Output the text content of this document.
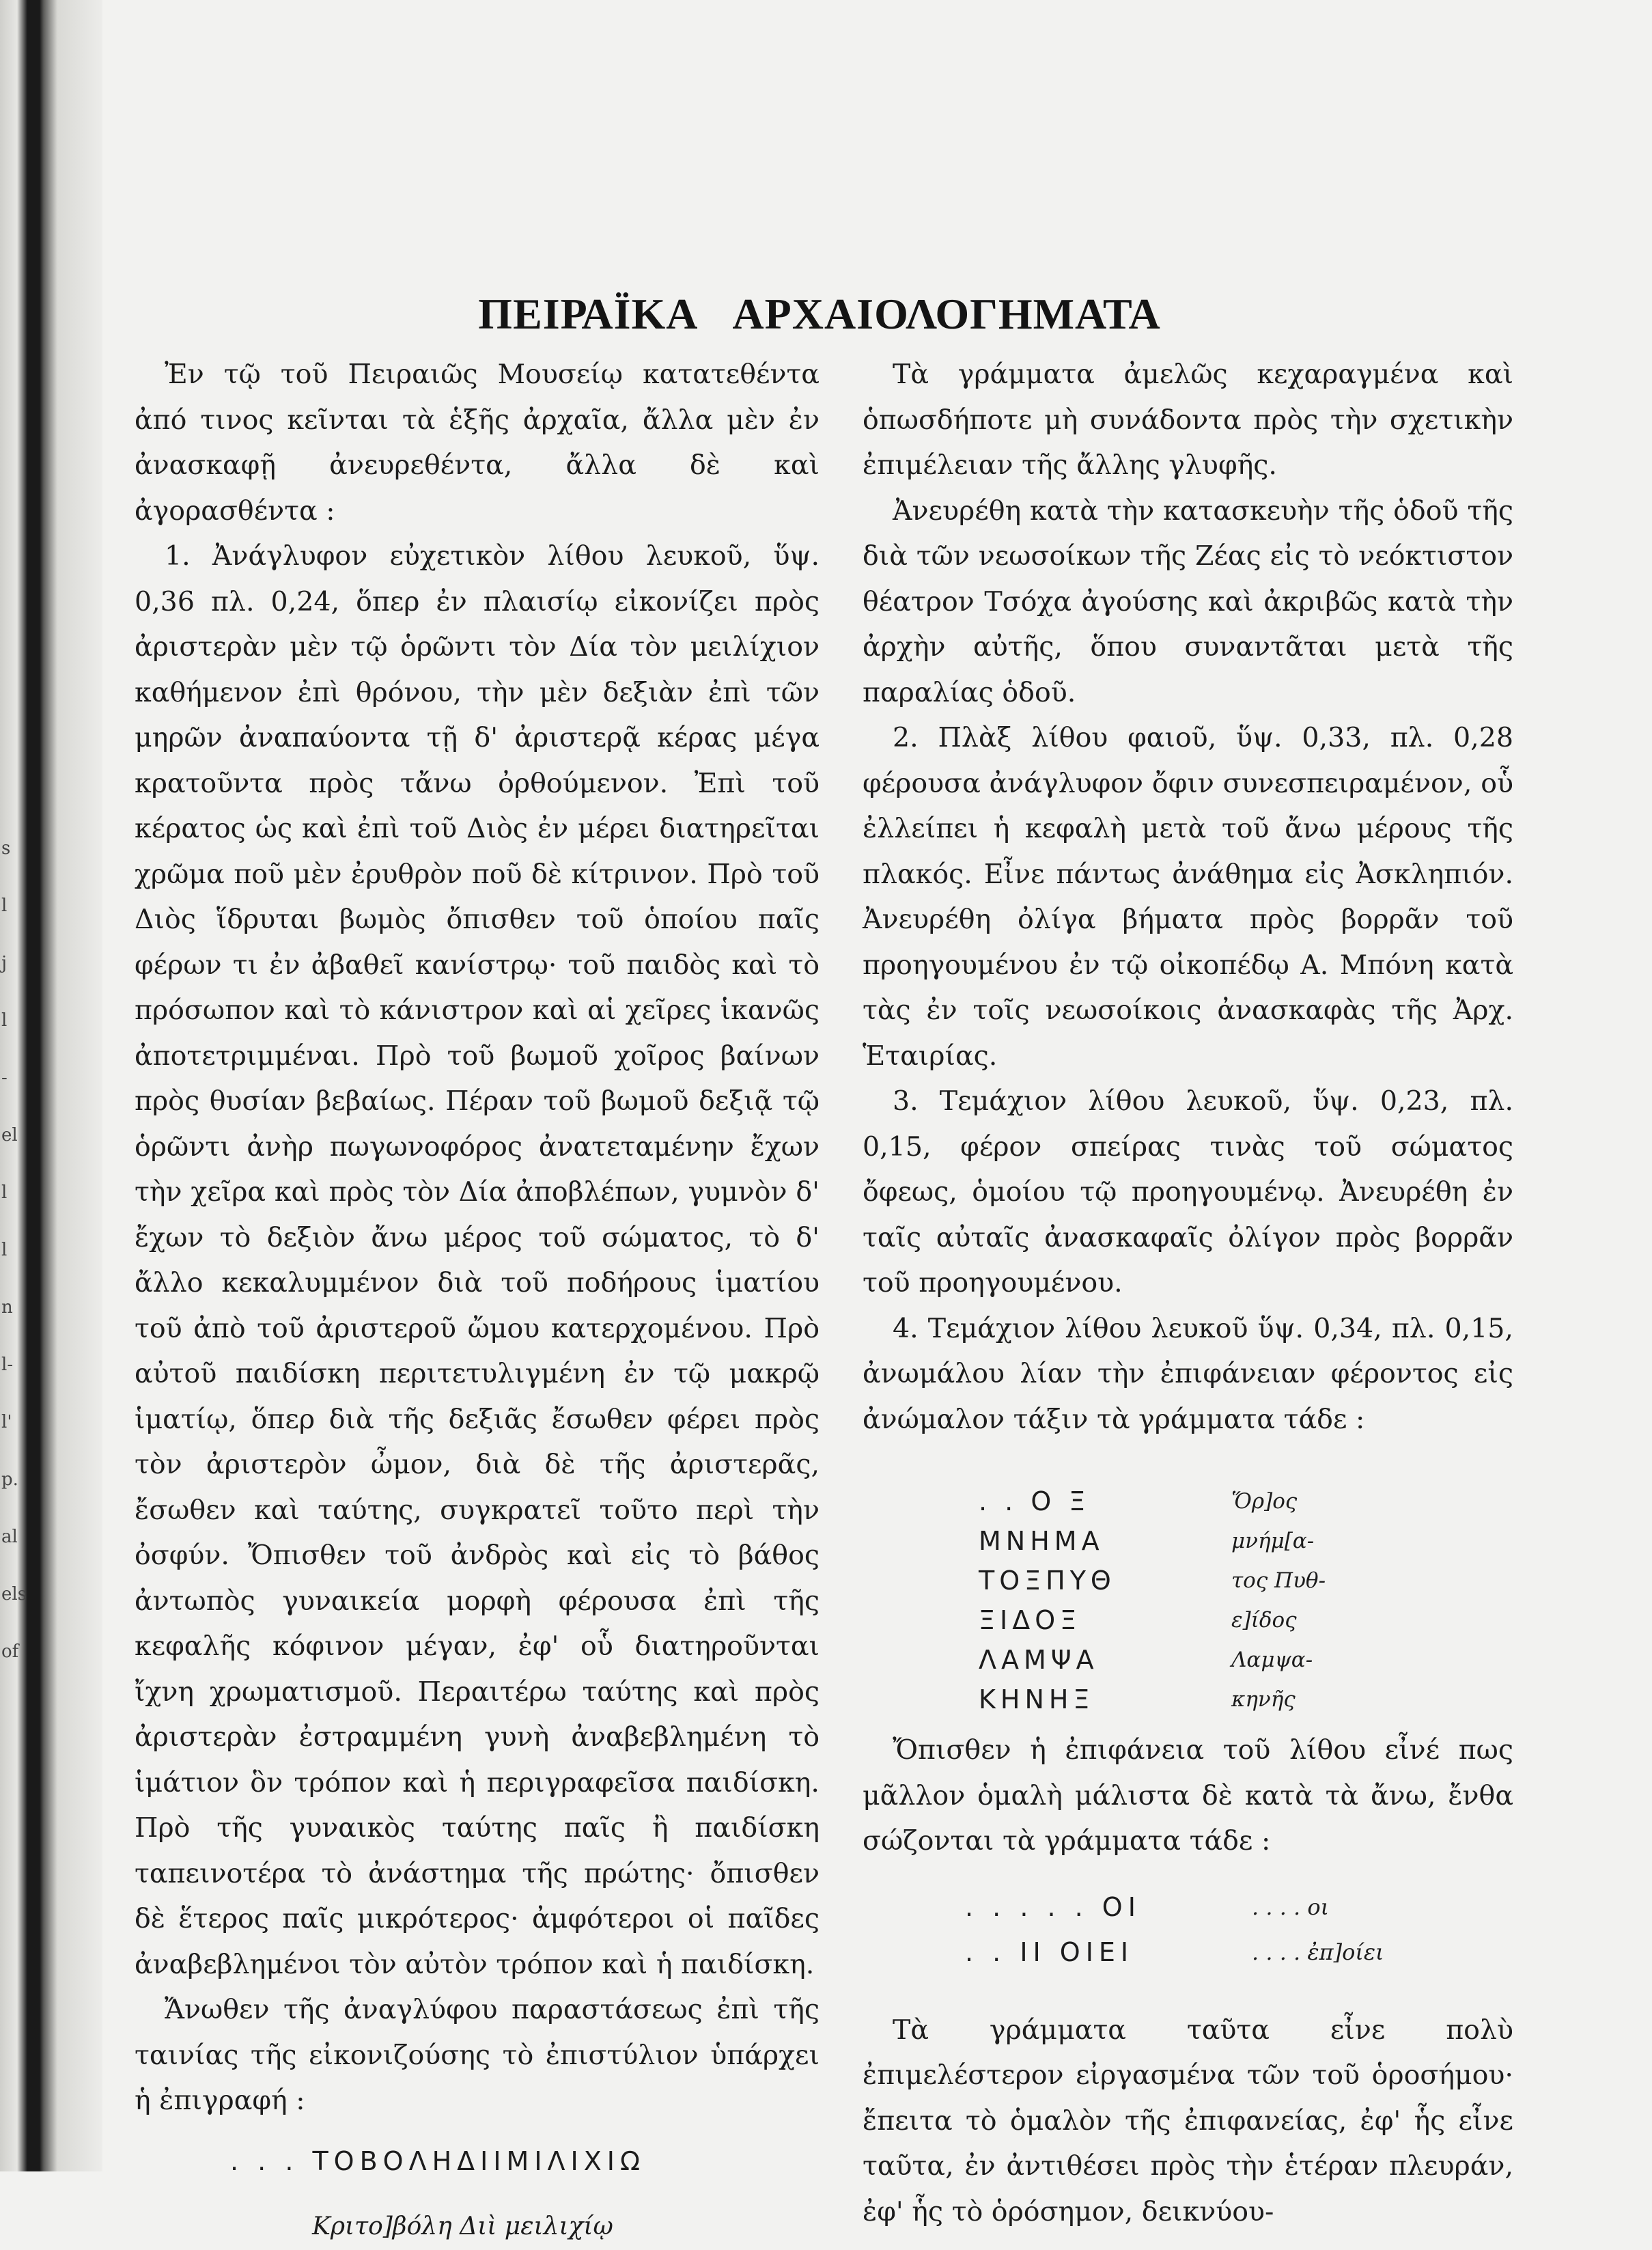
s
l
j
l
-
el
l
l
n
l-
l'
p.
al
els
of
ΠΕΙΡΑΪΚΑ ΑΡΧΑΙΟΛΟΓΗΜΑΤΑ

Ἐν τῷ τοῦ Πειραιῶς Μουσείῳ κατατεθέντα ἀπό τινος κεῖνται τὰ ἑξῆς ἀρχαῖα, ἄλλα μὲν ἐν ἀνασκαφῇ ἀνευρεθέντα, ἄλλα δὲ καὶ ἀγορασθέντα :

1. Ἀνάγλυφον εὐχετικὸν λίθου λευκοῦ, ὕψ. 0,36 πλ. 0,24, ὅπερ ἐν πλαισίῳ εἰκονίζει πρὸς ἀριστερὰν μὲν τῷ ὁρῶντι τὸν Δία τὸν μειλίχιον καθήμενον ἐπὶ θρόνου, τὴν μὲν δεξιὰν ἐπὶ τῶν μηρῶν ἀναπαύοντα τῇ δ' ἀριστερᾷ κέρας μέγα κρατοῦντα πρὸς τἄνω ὀρθούμενον. Ἐπὶ τοῦ κέρατος ὡς καὶ ἐπὶ τοῦ Διὸς ἐν μέρει διατηρεῖται χρῶμα ποῦ μὲν ἐρυθρὸν ποῦ δὲ κίτρινον. Πρὸ τοῦ Διὸς ἵδρυται βωμὸς ὄπισθεν τοῦ ὁποίου παῖς φέρων τι ἐν ἀβαθεῖ κανίστρῳ· τοῦ παιδὸς καὶ τὸ πρόσωπον καὶ τὸ κάνιστρον καὶ αἱ χεῖρες ἱκανῶς ἀποτετριμμέναι. Πρὸ τοῦ βωμοῦ χοῖρος βαίνων πρὸς θυσίαν βεβαίως. Πέραν τοῦ βωμοῦ δεξιᾷ τῷ ὁρῶντι ἀνὴρ πωγωνοφόρος ἀνατεταμένην ἔχων τὴν χεῖρα καὶ πρὸς τὸν Δία ἀποβλέπων, γυμνὸν δ' ἔχων τὸ δεξιὸν ἄνω μέρος τοῦ σώματος, τὸ δ' ἄλλο κεκαλυμμένον διὰ τοῦ ποδήρους ἱματίου τοῦ ἀπὸ τοῦ ἀριστεροῦ ὤμου κατερχομένου. Πρὸ αὐτοῦ παιδίσκη περιτετυλιγμένη ἐν τῷ μακρῷ ἱματίῳ, ὅπερ διὰ τῆς δεξιᾶς ἔσωθεν φέρει πρὸς τὸν ἀριστερὸν ὦμον, διὰ δὲ τῆς ἀριστερᾶς, ἔσωθεν καὶ ταύτης, συγκρατεῖ τοῦτο περὶ τὴν ὀσφύν. Ὄπισθεν τοῦ ἀνδρὸς καὶ εἰς τὸ βάθος ἀντωπὸς γυναικεία μορφὴ φέρουσα ἐπὶ τῆς κεφαλῆς κόφινον μέγαν, ἐφ' οὗ διατηροῦνται ἴχνη χρωματισμοῦ. Περαιτέρω ταύτης καὶ πρὸς ἀριστερὰν ἐστραμμένη γυνὴ ἀναβεβλημένη τὸ ἱμάτιον ὃν τρόπον καὶ ἡ περιγραφεῖσα παιδίσκη. Πρὸ τῆς γυναικὸς ταύτης παῖς ἢ παιδίσκη ταπεινοτέρα τὸ ἀνάστημα τῆς πρώτης· ὄπισθεν δὲ ἕτερος παῖς μικρότερος· ἀμφότεροι οἱ παῖδες ἀναβεβλημένοι τὸν αὐτὸν τρόπον καὶ ἡ παιδίσκη.

Ἄνωθεν τῆς ἀναγλύφου παραστάσεως ἐπὶ τῆς ταινίας τῆς εἰκονιζούσης τὸ ἐπιστύλιον ὑπάρχει ἡ ἐπιγραφή :

. . . ΤΟΒΟΛΗΔΙΙΜΙΛΙΧΙΩ
Κριτο]βόλη Διὶ μειλιχίῳ

Τὰ γράμματα ἀμελῶς κεχαραγμένα καὶ ὁπωσδήποτε μὴ συνάδοντα πρὸς τὴν σχετικὴν ἐπιμέλειαν τῆς ἄλλης γλυφῆς.

Ἀνευρέθη κατὰ τὴν κατασκευὴν τῆς ὁδοῦ τῆς διὰ τῶν νεωσοίκων τῆς Ζέας εἰς τὸ νεόκτιστον θέατρον Τσόχα ἀγούσης καὶ ἀκριβῶς κατὰ τὴν ἀρχὴν αὐτῆς, ὅπου συναντᾶται μετὰ τῆς παραλίας ὁδοῦ.

2. Πλὰξ λίθου φαιοῦ, ὕψ. 0,33, πλ. 0,28 φέρουσα ἀνάγλυφον ὄφιν συνεσπειραμένον, οὗ ἐλλείπει ἡ κεφαλὴ μετὰ τοῦ ἄνω μέρους τῆς πλακός. Εἶνε πάντως ἀνάθημα εἰς Ἀσκληπιόν. Ἀνευρέθη ὀλίγα βήματα πρὸς βορρᾶν τοῦ προηγουμένου ἐν τῷ οἰκοπέδῳ Α. Μπόνη κατὰ τὰς ἐν τοῖς νεωσοίκοις ἀνασκαφὰς τῆς Ἀρχ. Ἑταιρίας.

3. Τεμάχιον λίθου λευκοῦ, ὕψ. 0,23, πλ. 0,15, φέρον σπείρας τινὰς τοῦ σώματος ὄφεως, ὁμοίου τῷ προηγουμένῳ. Ἀνευρέθη ἐν ταῖς αὐταῖς ἀνασκαφαῖς ὀλίγον πρὸς βορρᾶν τοῦ προηγουμένου.

4. Τεμάχιον λίθου λευκοῦ ὕψ. 0,34, πλ. 0,15, ἀνωμάλου λίαν τὴν ἐπιφάνειαν φέροντος εἰς ἀνώμαλον τάξιν τὰ γράμματα τάδε :

. . Ο Ξ
ΜΝΗΜΑ
ΤΟΞΠΥΘ
ΞΙΔΟΞ
ΛΑΜΨΑ
ΚΗΝΗΞ
Ὅρ]ος
μνήμ[α-
τος Πυθ-
ε]ίδος
Λαμψα-
κηνῆς

Ὄπισθεν ἡ ἐπιφάνεια τοῦ λίθου εἶνέ πως μᾶλλον ὁμαλὴ μάλιστα δὲ κατὰ τὰ ἄνω, ἔνθα σώζονται τὰ γράμματα τάδε :

. . . . . ΟΙ
. . ΙΙ ΟΙΕΙ
. . . . οι
. . . . ἐπ]οίει

Τὰ γράμματα ταῦτα εἶνε πολὺ ἐπιμελέστερον εἰργασμένα τῶν τοῦ ὁροσήμου· ἔπειτα τὸ ὁμαλὸν τῆς ἐπιφανείας, ἐφ' ἧς εἶνε ταῦτα, ἐν ἀντιθέσει πρὸς τὴν ἑτέραν πλευράν, ἐφ' ἧς τὸ ὁρόσημον, δεικνύου-
